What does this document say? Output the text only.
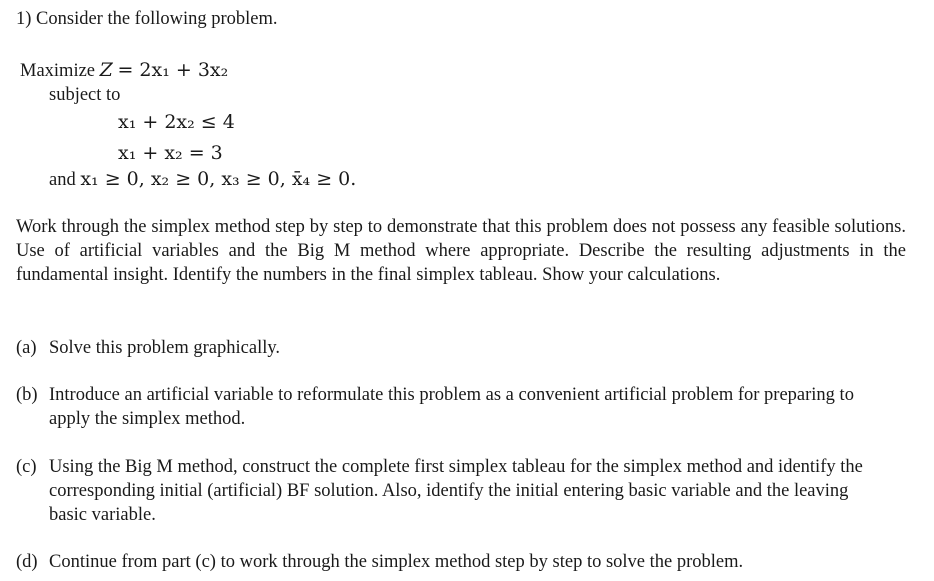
1) Consider the following problem.
Maximize Z = 2x₁ + 3x₂
subject to
x₁ + 2x₂ ≤ 4
x₁ + x₂ = 3
and x₁ ≥ 0, x₂ ≥ 0, x₃ ≥ 0, x̄₄ ≥ 0.
Work through the simplex method step by step to demonstrate that this problem does not possess any feasible solutions. Use of artificial variables and the Big M method where appropriate. Describe the resulting adjustments in the fundamental insight. Identify the numbers in the final simplex tableau. Show your calculations.
(a) Solve this problem graphically.
(b) Introduce an artificial variable to reformulate this problem as a convenient artificial problem for preparing to apply the simplex method.
(c) Using the Big M method, construct the complete first simplex tableau for the simplex method and identify the corresponding initial (artificial) BF solution. Also, identify the initial entering basic variable and the leaving basic variable.
(d) Continue from part (c) to work through the simplex method step by step to solve the problem.
